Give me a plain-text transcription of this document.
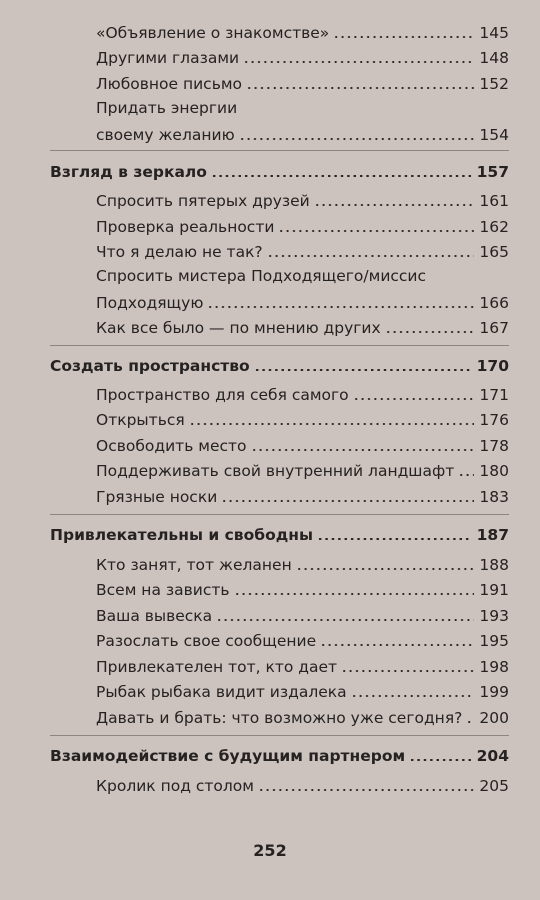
«Объявление о знакомстве»	145
Другими глазами	148
Любовное письмо	152
Придать энергии
своему желанию	154
Взгляд в зеркало	157
Спросить пятерых друзей	161
Проверка реальности	162
Что я делаю не так?	165
Спросить мистера Подходящего/миссис
Подходящую	166
Как все было — по мнению других	167
Создать пространство	170
Пространство для себя самого	171
Открыться	176
Освободить место	178
Поддерживать свой внутренний ландшафт 180
Грязные носки	183
Привлекательны и свободны	187
Кто занят, тот желанен	188
Всем на зависть	191
Ваша вывеска	193
Разослать свое сообщение	195
Привлекателен тот, кто дает	198
Рыбак рыбака видит издалека	199
Давать и брать: что возможно уже сегодня? 200
Взаимодействие с будущим партнером	204
Кролик под столом	205
252
